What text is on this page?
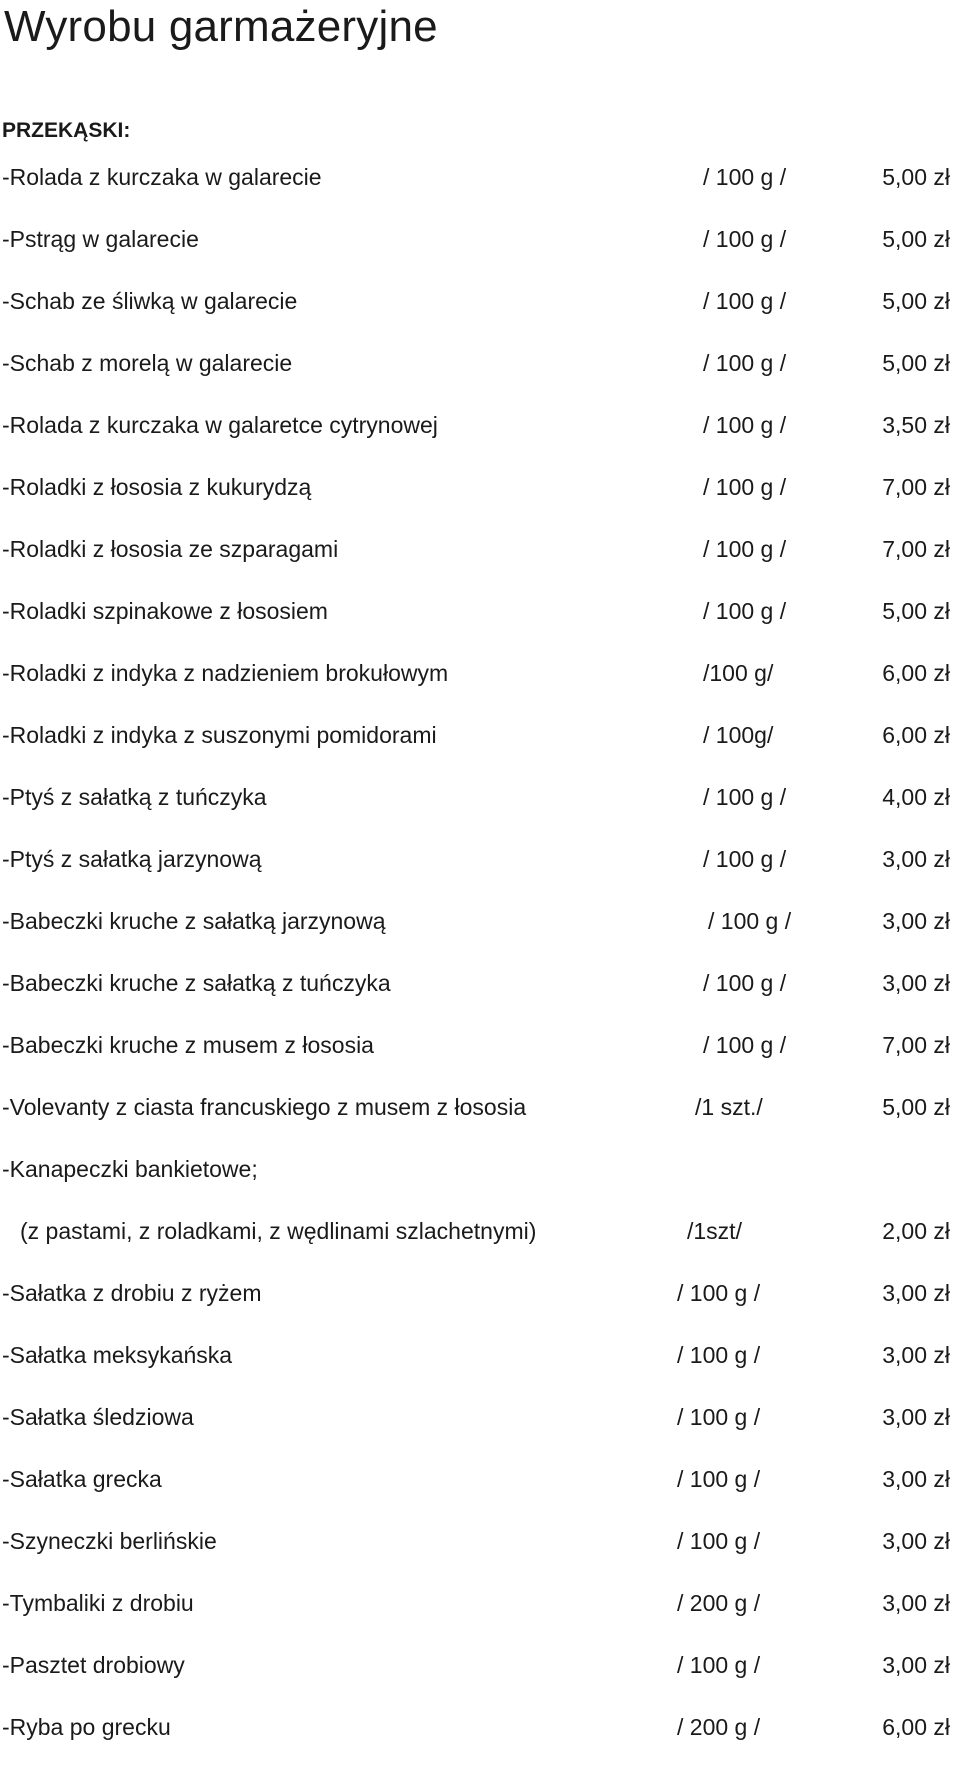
Wyrobu garmażeryjne
PRZEKĄSKI:
-Rolada z kurczaka w galarecie	/ 100 g /	5,00 zł
-Pstrąg w galarecie	/ 100 g /	5,00 zł
-Schab ze śliwką w galarecie	/ 100 g /	5,00 zł
-Schab z morelą w galarecie	/ 100 g /	5,00 zł
-Rolada z kurczaka w galaretce cytrynowej	/ 100 g /	3,50 zł
-Roladki z łososia z kukurydzą	/ 100 g /	7,00 zł
-Roladki z łososia ze szparagami	/ 100 g /	7,00 zł
-Roladki szpinakowe z łososiem	/ 100 g /	5,00 zł
-Roladki z indyka z nadzieniem brokułowym	/100 g/	6,00 zł
-Roladki z indyka z suszonymi pomidorami	/ 100g/	6,00 zł
-Ptyś z sałatką z tuńczyka	/ 100 g /	4,00 zł
-Ptyś z sałatką jarzynową	/ 100 g /	3,00 zł
-Babeczki kruche z sałatką jarzynową	/ 100 g /	3,00 zł
-Babeczki kruche z sałatką z tuńczyka	/ 100 g /	3,00 zł
-Babeczki kruche z musem z łososia	/ 100 g /	7,00 zł
-Volevanty z ciasta francuskiego z musem z łososia	/1 szt./	5,00 zł
-Kanapeczki bankietowe;
(z pastami, z roladkami, z wędlinami szlachetnymi)	/1szt/	2,00 zł
-Sałatka z drobiu z ryżem	/ 100 g /	3,00 zł
-Sałatka meksykańska	/ 100 g /	3,00 zł
-Sałatka śledziowa	/ 100 g /	3,00 zł
-Sałatka grecka	/ 100 g /	3,00 zł
-Szyneczki berlińskie	/ 100 g /	3,00 zł
-Tymbaliki z drobiu	/ 200 g /	3,00 zł
-Pasztet drobiowy	/ 100 g /	3,00 zł
-Ryba po grecku	/ 200 g /	6,00 zł
